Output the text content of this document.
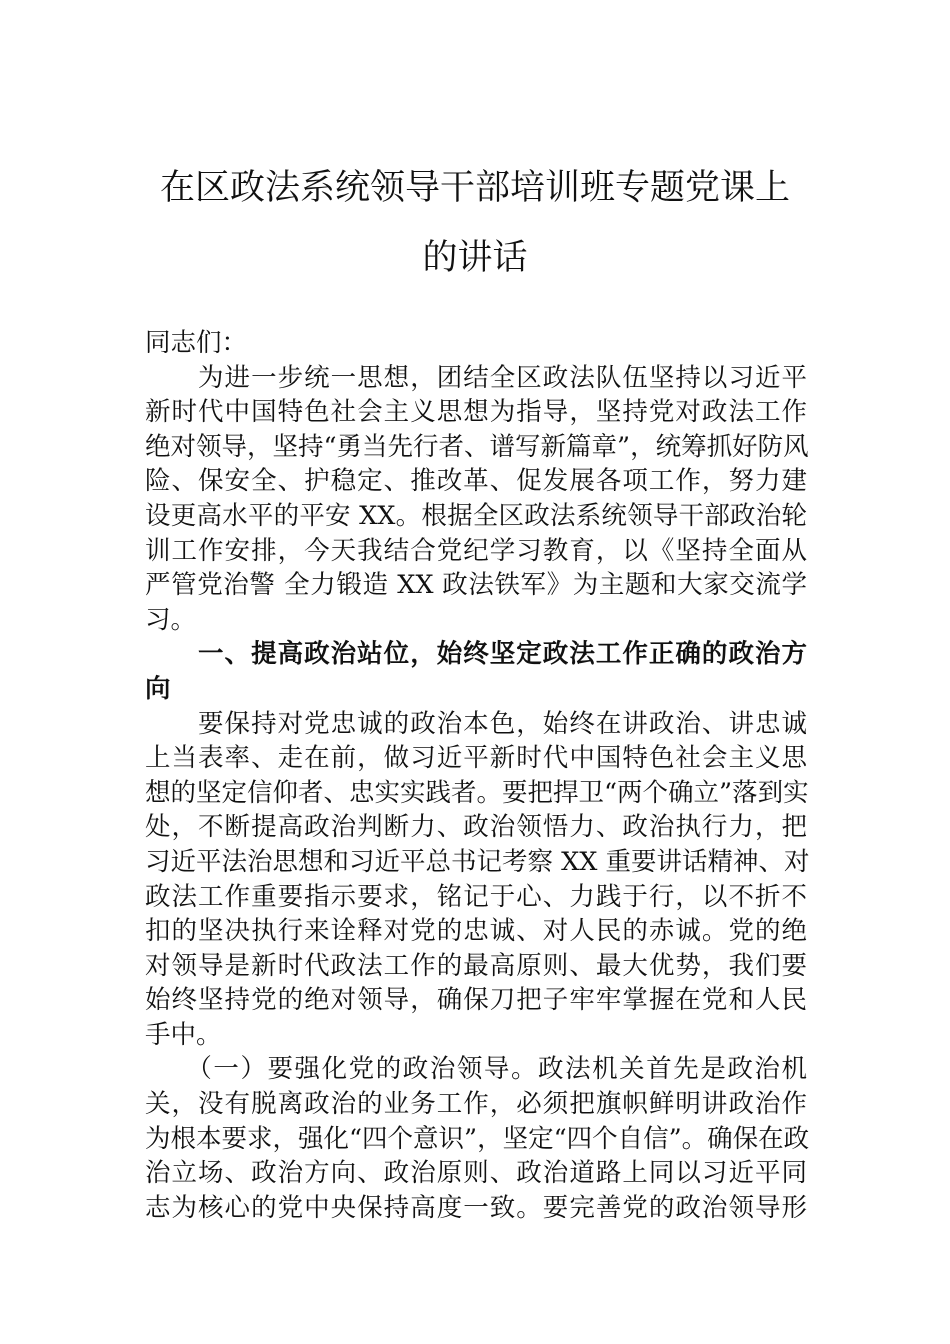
在区政法系统领导干部培训班专题党课上
的讲话
同志们：
　　为进一步统一思想，团结全区政法队伍坚持以习近平
新时代中国特色社会主义思想为指导，坚持党对政法工作
绝对领导，坚持“勇当先行者、谱写新篇章”，统筹抓好防风
险、保安全、护稳定、推改革、促发展各项工作，努力建
设更高水平的平安 XX。根据全区政法系统领导干部政治轮
训工作安排，今天我结合党纪学习教育，以《坚持全面从
严管党治警 全力锻造 XX 政法铁军》为主题和大家交流学
习。
　　一、提高政治站位，始终坚定政法工作正确的政治方
向
　　要保持对党忠诚的政治本色，始终在讲政治、讲忠诚
上当表率、走在前，做习近平新时代中国特色社会主义思
想的坚定信仰者、忠实实践者。要把捍卫“两个确立”落到实
处，不断提高政治判断力、政治领悟力、政治执行力，把
习近平法治思想和习近平总书记考察 XX 重要讲话精神、对
政法工作重要指示要求，铭记于心、力践于行，以不折不
扣的坚决执行来诠释对党的忠诚、对人民的赤诚。党的绝
对领导是新时代政法工作的最高原则、最大优势，我们要
始终坚持党的绝对领导，确保刀把子牢牢掌握在党和人民
手中。
　　（一）要强化党的政治领导。政法机关首先是政治机
关，没有脱离政治的业务工作，必须把旗帜鲜明讲政治作
为根本要求，强化“四个意识”，坚定“四个自信”。确保在政
治立场、政治方向、政治原则、政治道路上同以习近平同
志为核心的党中央保持高度一致。要完善党的政治领导形
